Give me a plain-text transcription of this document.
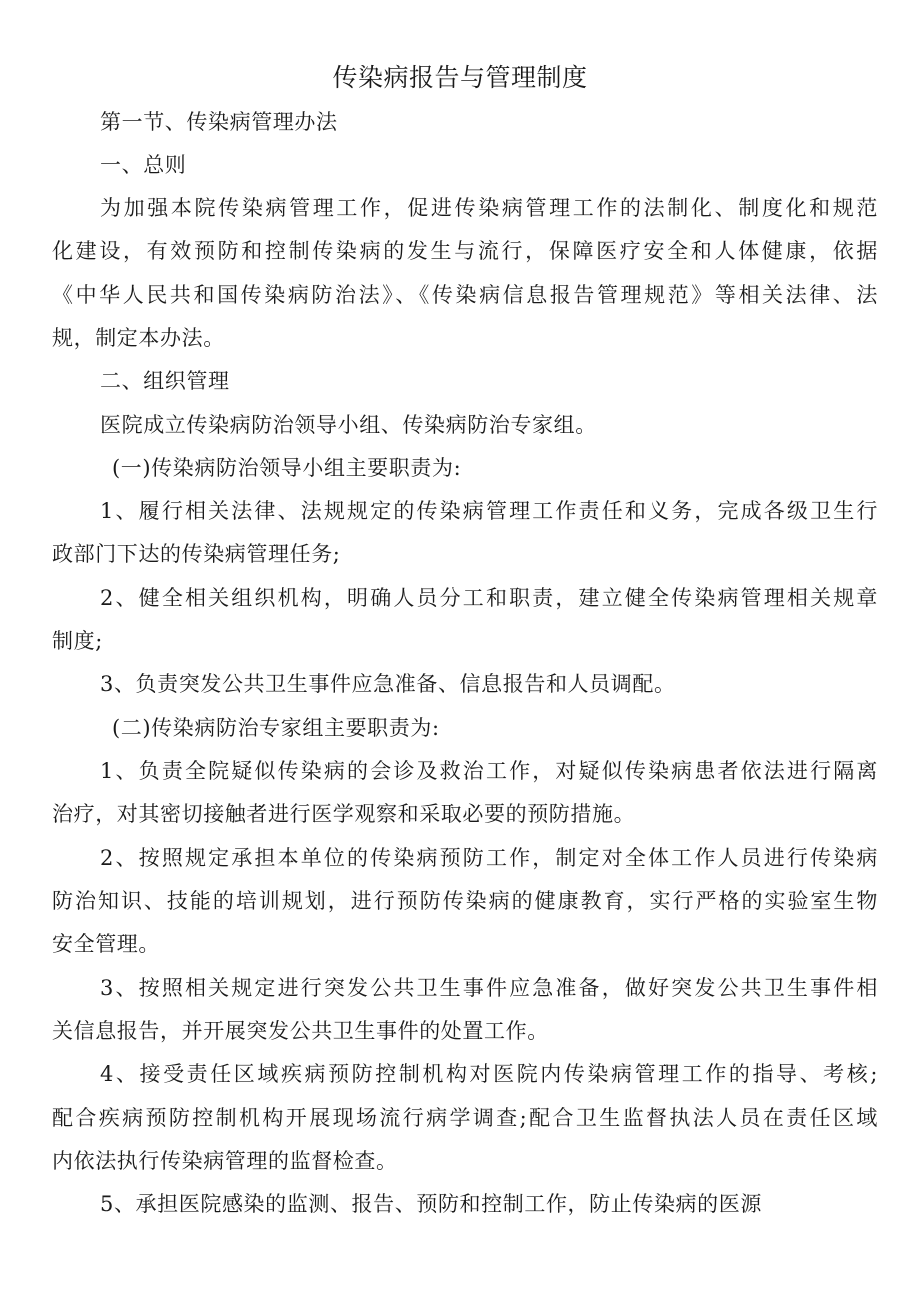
传染病报告与管理制度
第一节、传染病管理办法
一、总则
为加强本院传染病管理工作，促进传染病管理工作的法制化、制度化和规范
化建设，有效预防和控制传染病的发生与流行，保障医疗安全和人体健康，依据
《中华人民共和国传染病防治法》、《传染病信息报告管理规范》等相关法律、法
规，制定本办法。
二、组织管理
医院成立传染病防治领导小组、传染病防治专家组。
(一)传染病防治领导小组主要职责为:
1、履行相关法律、法规规定的传染病管理工作责任和义务，完成各级卫生行
政部门下达的传染病管理任务;
2、健全相关组织机构，明确人员分工和职责，建立健全传染病管理相关规章
制度;
3、负责突发公共卫生事件应急准备、信息报告和人员调配。
(二)传染病防治专家组主要职责为:
1、负责全院疑似传染病的会诊及救治工作，对疑似传染病患者依法进行隔离
治疗，对其密切接触者进行医学观察和采取必要的预防措施。
2、按照规定承担本单位的传染病预防工作，制定对全体工作人员进行传染病
防治知识、技能的培训规划，进行预防传染病的健康教育，实行严格的实验室生物
安全管理。
3、按照相关规定进行突发公共卫生事件应急准备，做好突发公共卫生事件相
关信息报告，并开展突发公共卫生事件的处置工作。
4、接受责任区域疾病预防控制机构对医院内传染病管理工作的指导、考核;
配合疾病预防控制机构开展现场流行病学调查;配合卫生监督执法人员在责任区域
内依法执行传染病管理的监督检查。
5、承担医院感染的监测、报告、预防和控制工作，防止传染病的医源
